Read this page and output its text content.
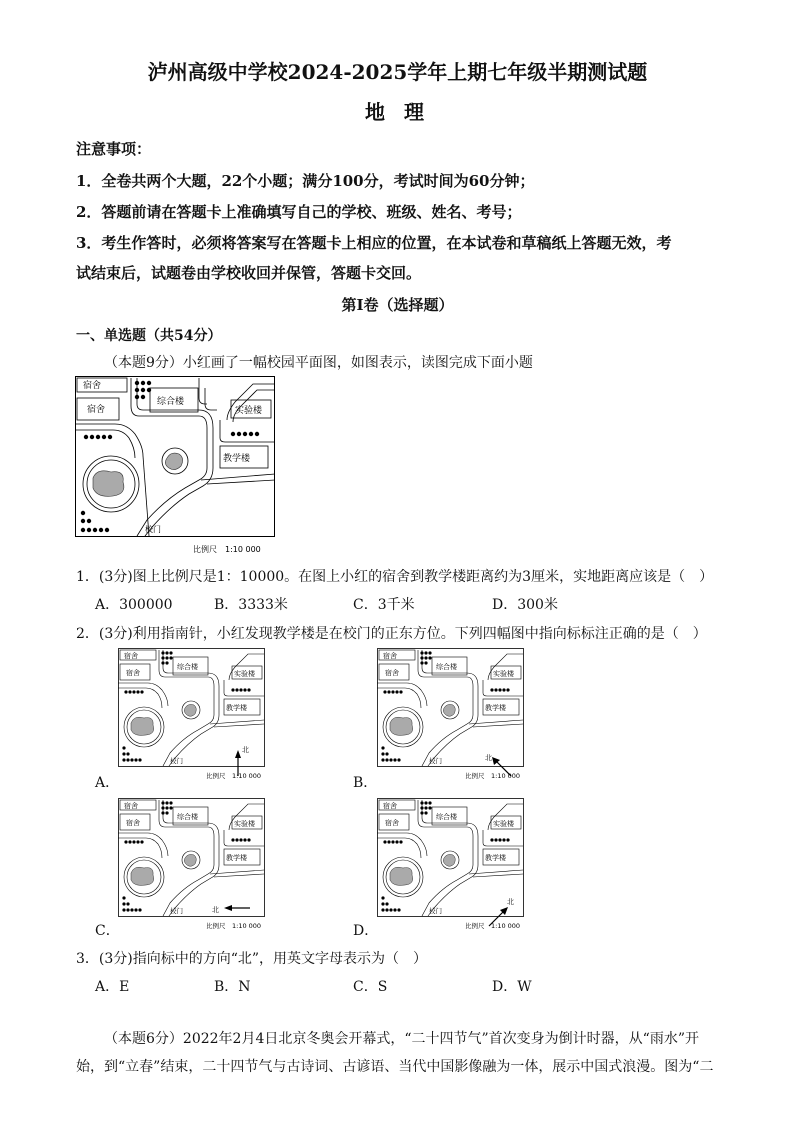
泸州高级中学校2024-2025学年上期七年级半期测试题
地 理
注意事项：
1．全卷共两个大题，22个小题；满分100分，考试时间为60分钟；
2．答题前请在答题卡上准确填写自己的学校、班级、姓名、考号；
3．考生作答时，必须将答案写在答题卡上相应的位置，在本试卷和草稿纸上答题无效，考
试结束后，试题卷由学校收回并保管，答题卡交回。
第I卷（选择题）
一、单选题（共54分）
（本题9分）小红画了一幅校园平面图，如图表示，读图完成下面小题
宿舍
宿舍
综合楼
实验楼
教学楼
校门
比例尺　1:10 000
1．(3分)图上比例尺是1：10000。在图上小红的宿舍到教学楼距离约为3厘米，实地距离应该是（　）
A．300000	B．3333米	C．3千米	D．300米
2．(3分)利用指南针，小红发现教学楼是在校门的正东方位。下列四幅图中指向标标注正确的是（　）
宿舍
宿舍
综合楼
实验楼
教学楼
校门
北
比例尺　1:10 000
宿舍
宿舍
综合楼
实验楼
教学楼
校门	北
比例尺　1:10 000
宿舍
宿舍
综合楼
实验楼
教学楼
校门	北
比例尺　1:10 000
宿舍
宿舍
综合楼
实验楼
教学楼
校门
北
比例尺　1:10 000
A．	B．
C．	D．
3．(3分)指向标中的方向“北”，用英文字母表示为（　）
A．E	B．N	C．S	D．W
（本题6分）2022年2月4日北京冬奥会开幕式，“二十四节气”首次变身为倒计时器，从“雨水”开
始，到“立春”结束，二十四节气与古诗词、古谚语、当代中国影像融为一体，展示中国式浪漫。图为“二
